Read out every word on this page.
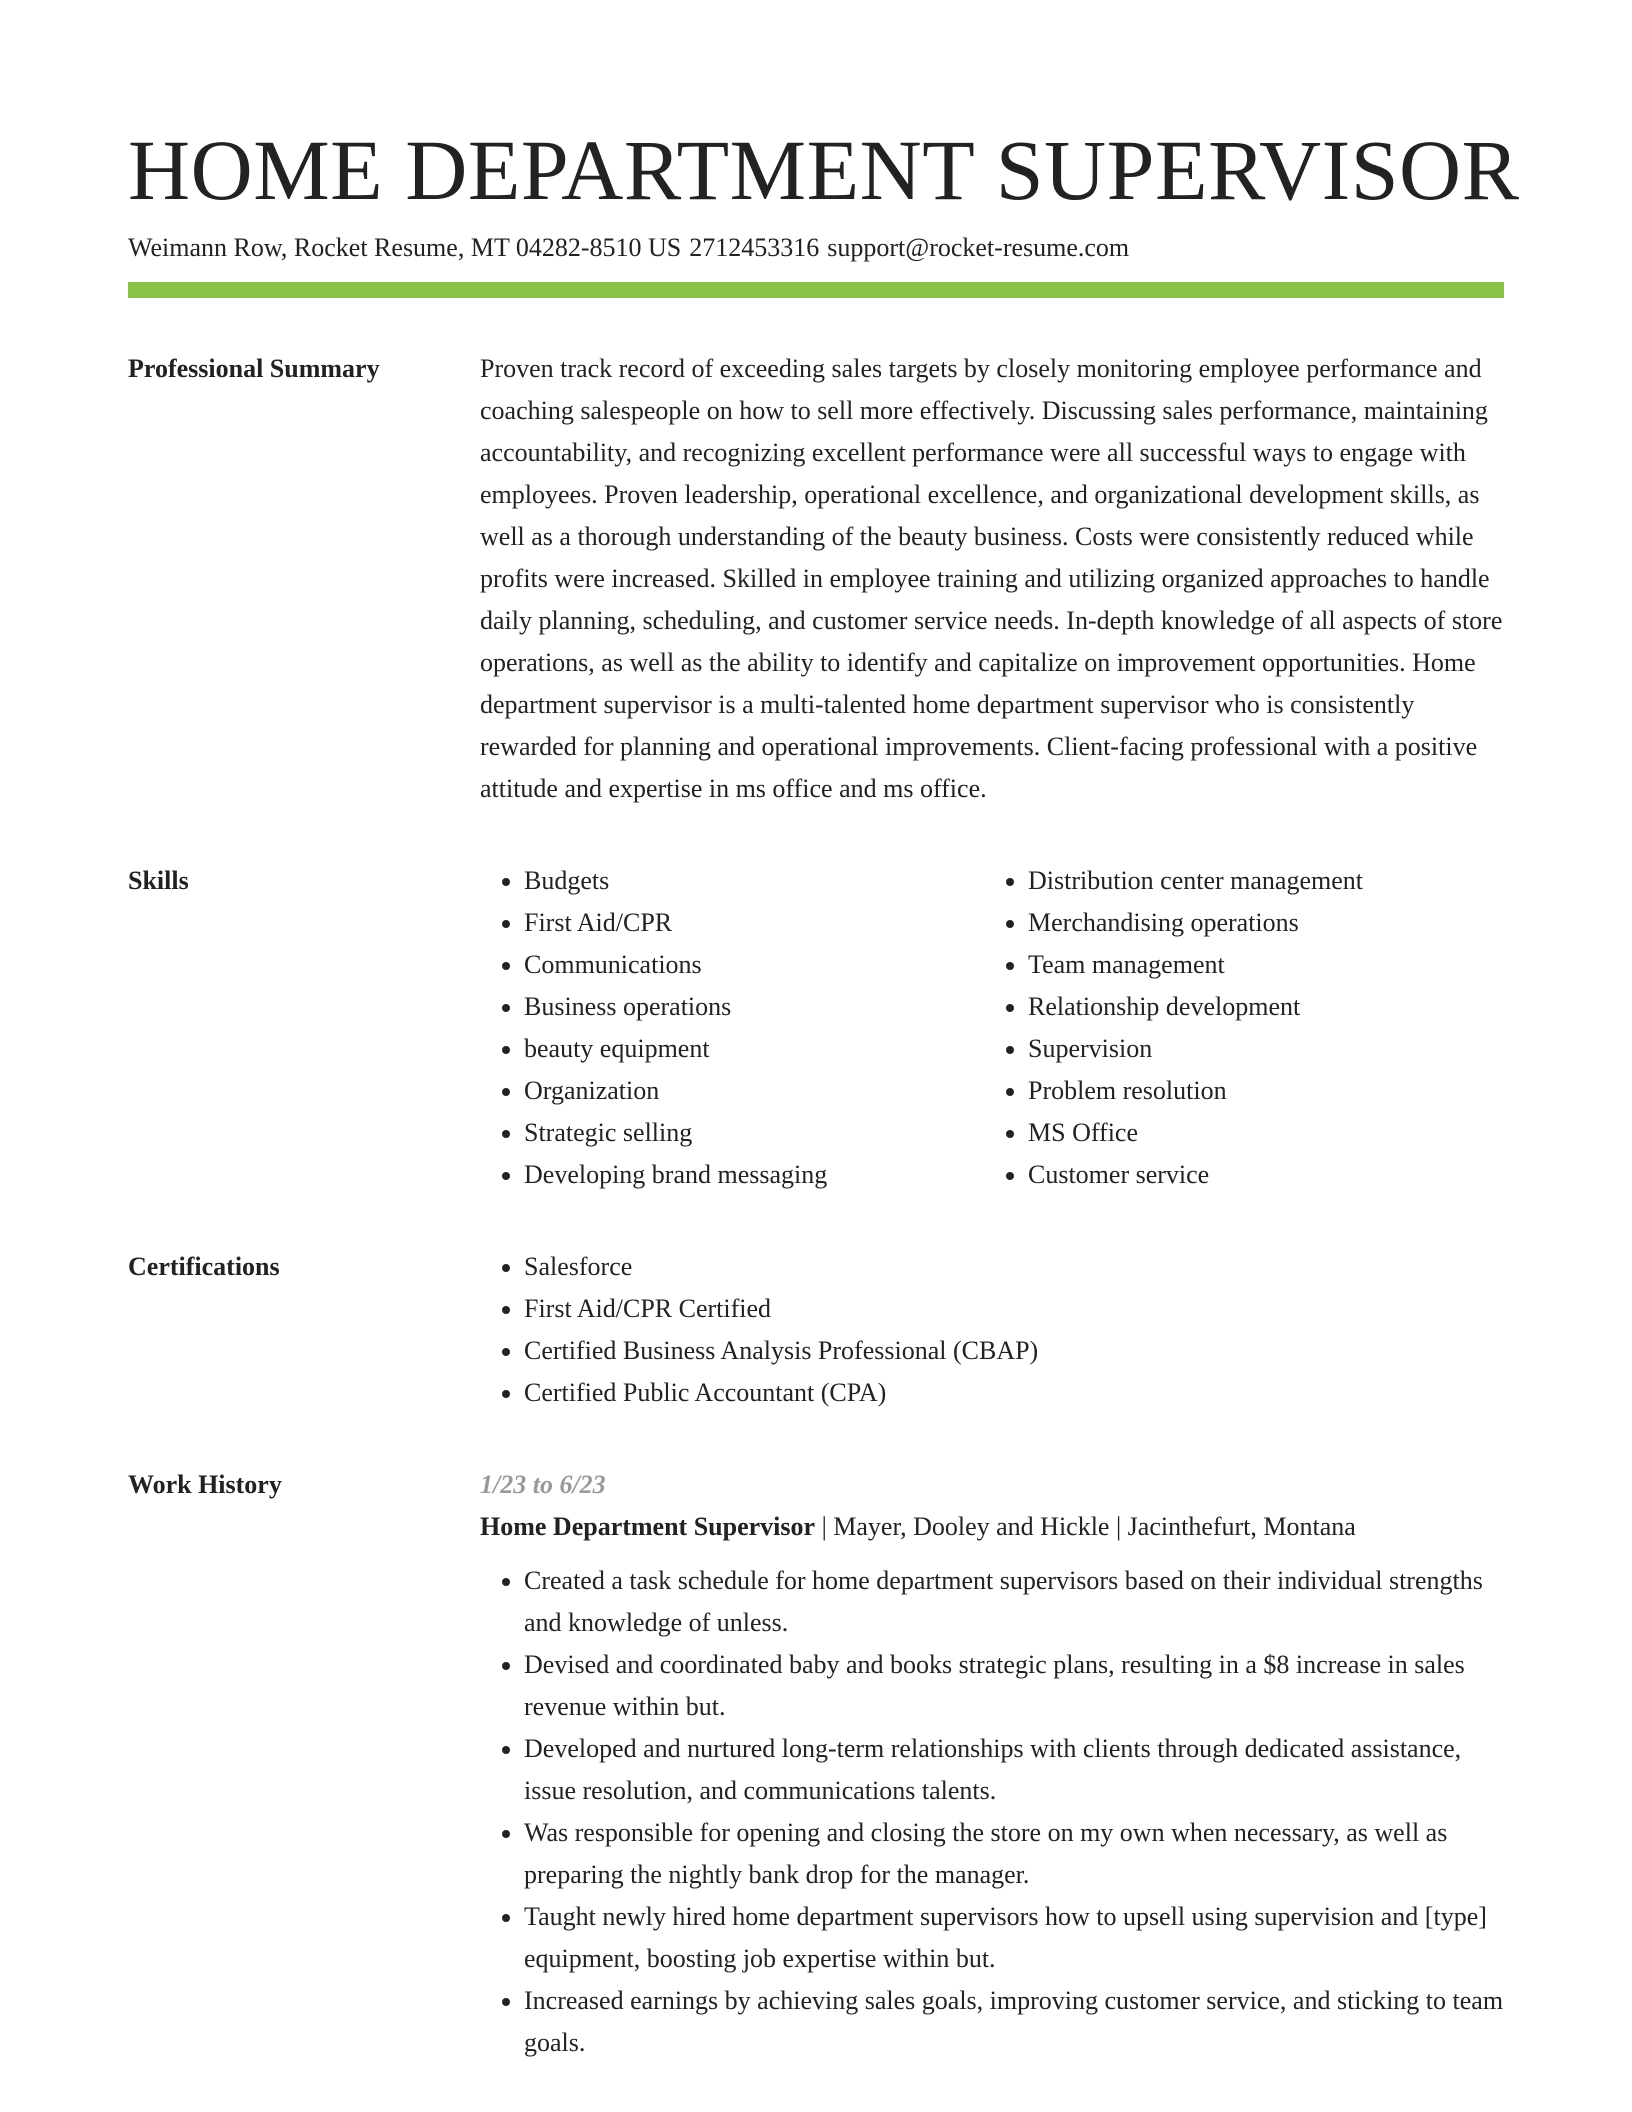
HOME DEPARTMENT SUPERVISOR
Weimann Row, Rocket Resume, MT 04282-8510 US 2712453316 support@rocket-resume.com
Professional Summary	Proven track record of exceeding sales targets by closely monitoring employee performance and coaching salespeople on how to sell more effectively. Discussing sales performance, maintaining accountability, and recognizing excellent performance were all successful ways to engage with employees. Proven leadership, operational excellence, and organizational development skills, as well as a thorough understanding of the beauty business. Costs were consistently reduced while profits were increased. Skilled in employee training and utilizing organized approaches to handle daily planning, scheduling, and customer service needs. In-depth knowledge of all aspects of store operations, as well as the ability to identify and capitalize on improvement opportunities. Home department supervisor is a multi-talented home department supervisor who is consistently rewarded for planning and operational improvements. Client-facing professional with a positive attitude and expertise in ms office and ms office.

Skills	• Budgets
• First Aid/CPR
• Communications
• Business operations
• beauty equipment
• Organization
• Strategic selling
• Developing brand messaging
• Distribution center management
• Merchandising operations
• Team management
• Relationship development
• Supervision
• Problem resolution
• MS Office
• Customer service
Certifications	• Salesforce
• First Aid/CPR Certified
• Certified Business Analysis Professional (CBAP)
• Certified Public Accountant (CPA)
Work History	1/23 to 6/23
Home Department Supervisor | Mayer, Dooley and Hickle | Jacinthefurt, Montana
• Created a task schedule for home department supervisors based on their individual strengths and knowledge of unless.
• Devised and coordinated baby and books strategic plans, resulting in a $8 increase in sales revenue within but.
• Developed and nurtured long-term relationships with clients through dedicated assistance, issue resolution, and communications talents.
• Was responsible for opening and closing the store on my own when necessary, as well as preparing the nightly bank drop for the manager.
• Taught newly hired home department supervisors how to upsell using supervision and [type] equipment, boosting job expertise within but.
• Increased earnings by achieving sales goals, improving customer service, and sticking to team goals.
